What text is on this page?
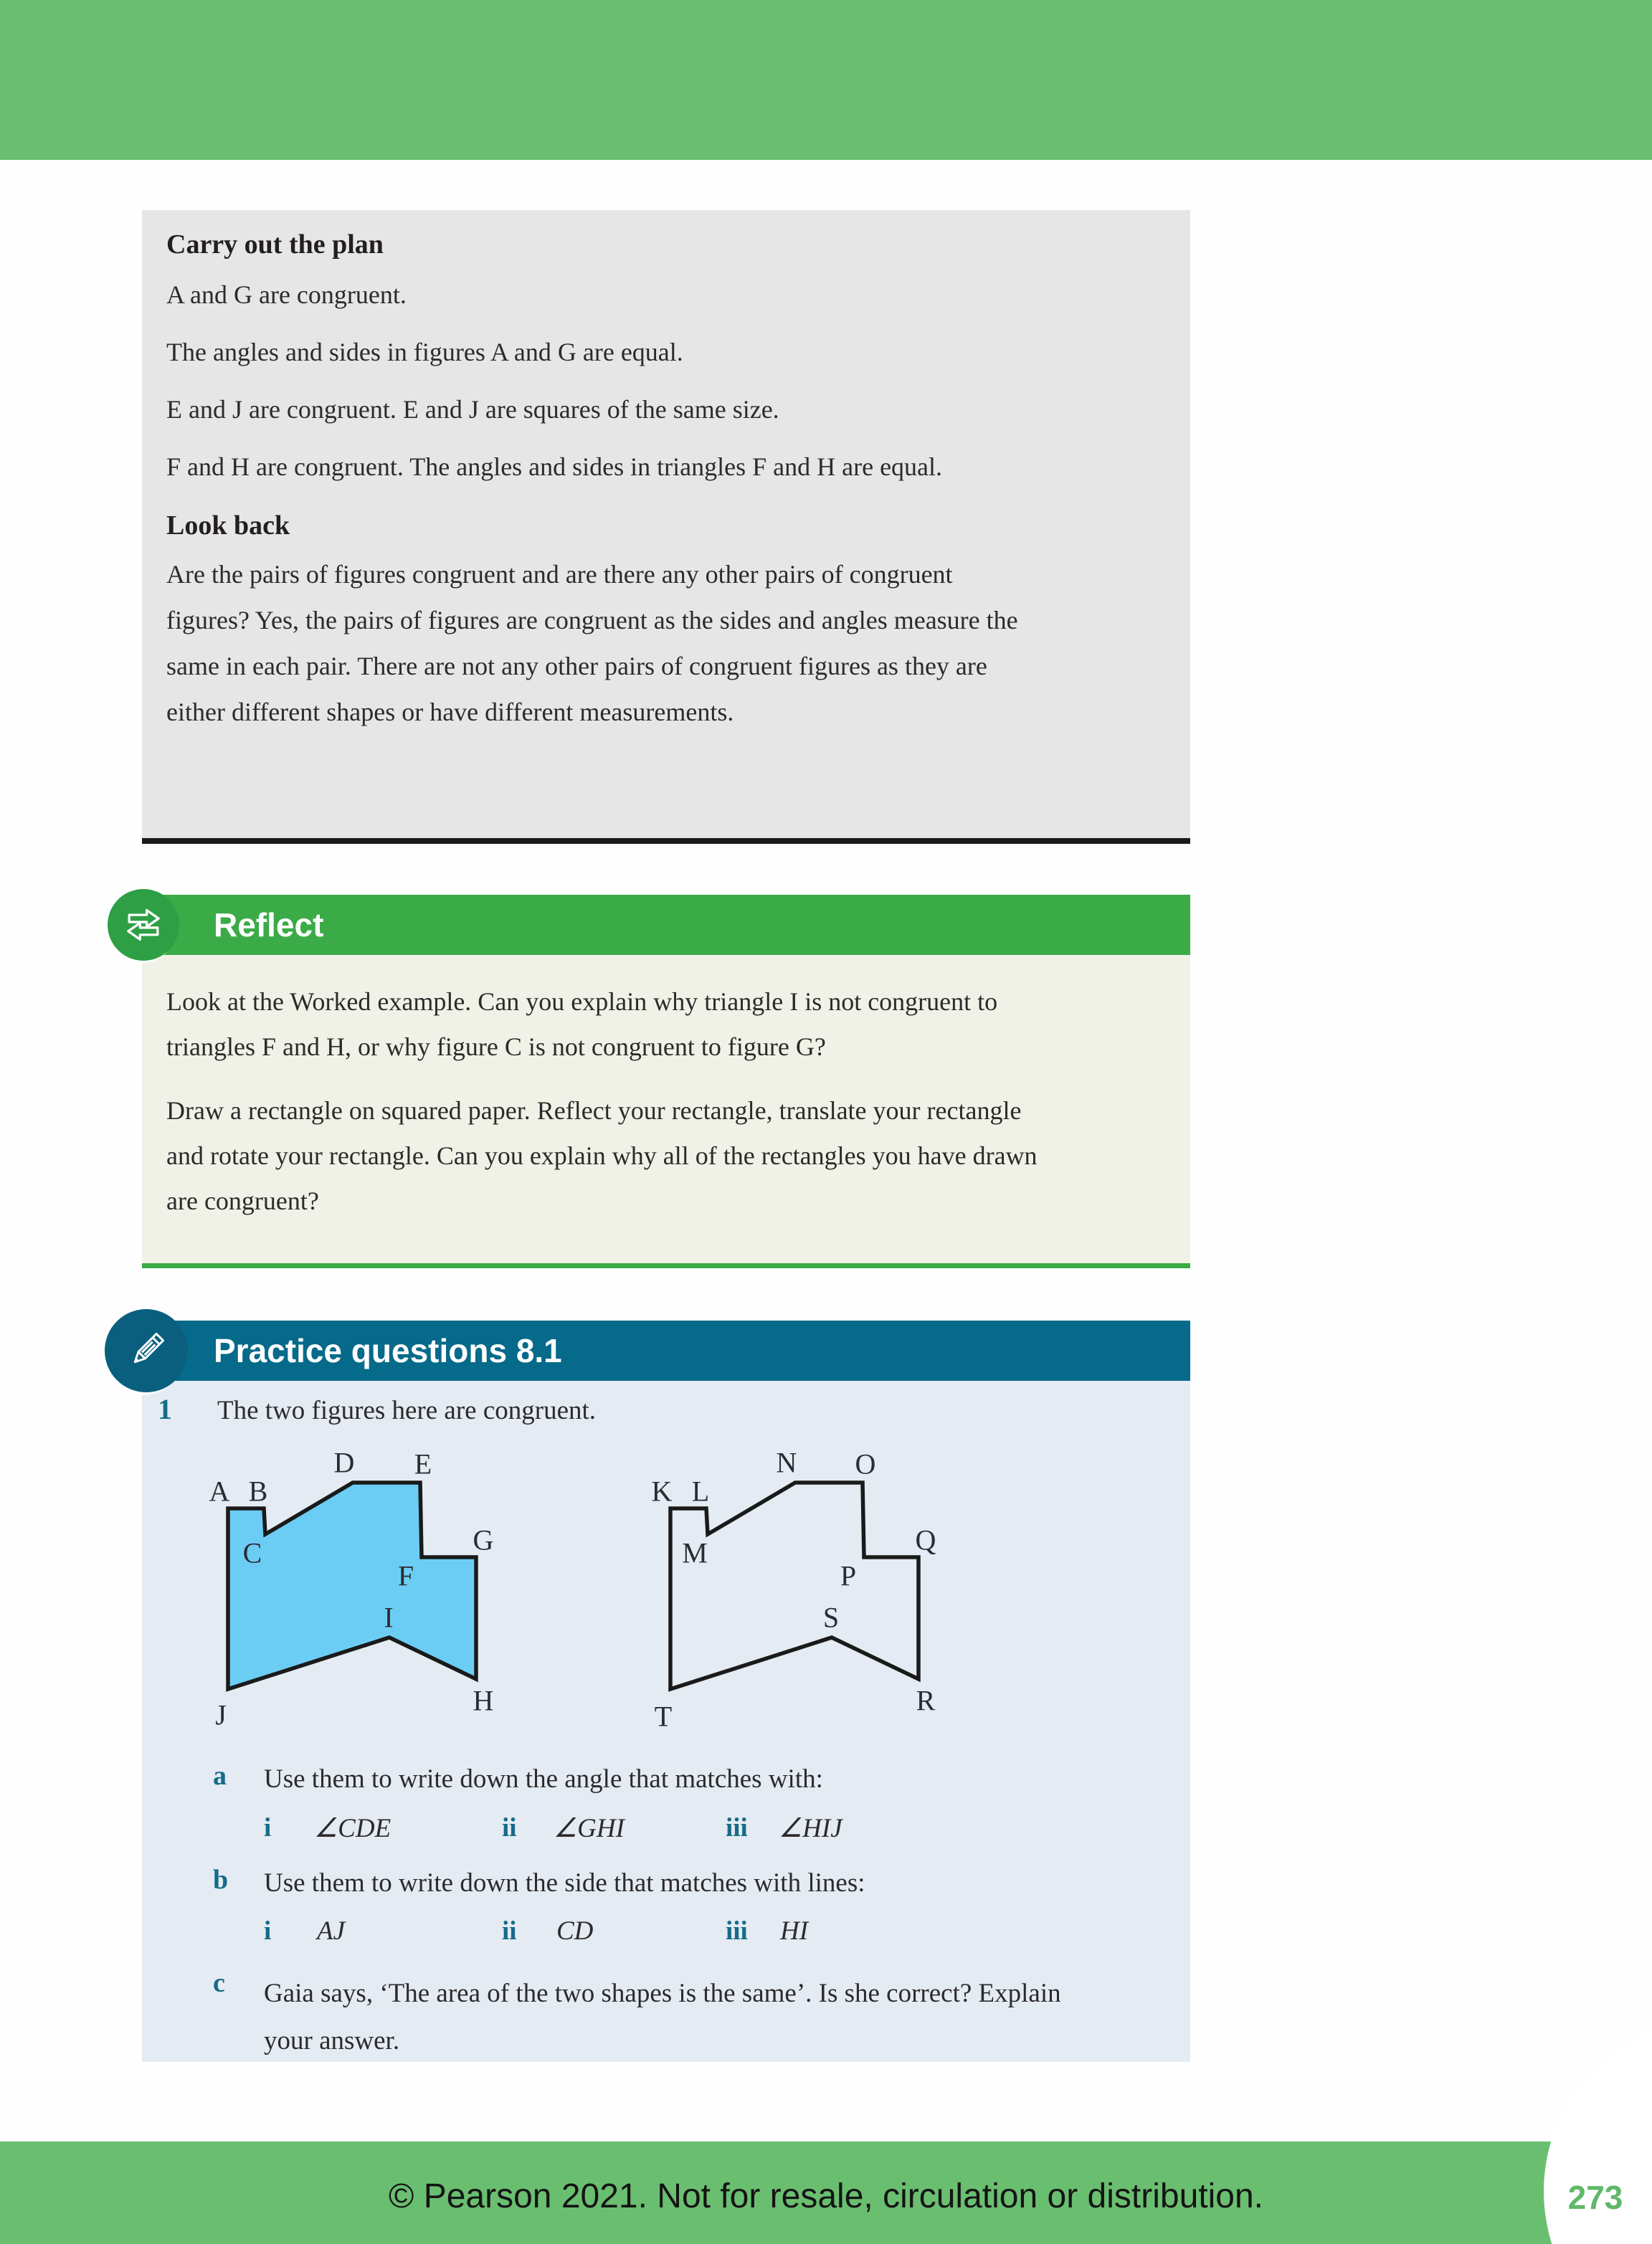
Carry out the plan

A and G are congruent.

The angles and sides in figures A and G are equal.

E and J are congruent. E and J are squares of the same size.

F and H are congruent. The angles and sides in triangles F and H are equal.

Look back

Are the pairs of figures congruent and are there any other pairs of congruent figures? Yes, the pairs of figures are congruent as the sides and angles measure the same in each pair. There are not any other pairs of congruent figures as they are either different shapes or have different measurements.

Reflect

Look at the Worked example. Can you explain why triangle I is not congruent to triangles F and H, or why figure C is not congruent to figure G?

Draw a rectangle on squared paper. Reflect your rectangle, translate your rectangle and rotate your rectangle. Can you explain why all of the rectangles you have drawn are congruent?

Practice questions 8.1
1 The two figures here are congruent.
A B
C
D E
F
G
I
J	H
K L
M
N O
P
Q
S
T	R
a Use them to write down the angle that matches with:
i ∠CDE	ii ∠GHI	iii ∠HIJ
b Use them to write down the side that matches with lines:
i AJ	ii CD	iii HI
c Gaia says, ‘The area of the two shapes is the same’. Is she correct? Explain your answer.
© Pearson 2021. Not for resale, circulation or distribution.	273
